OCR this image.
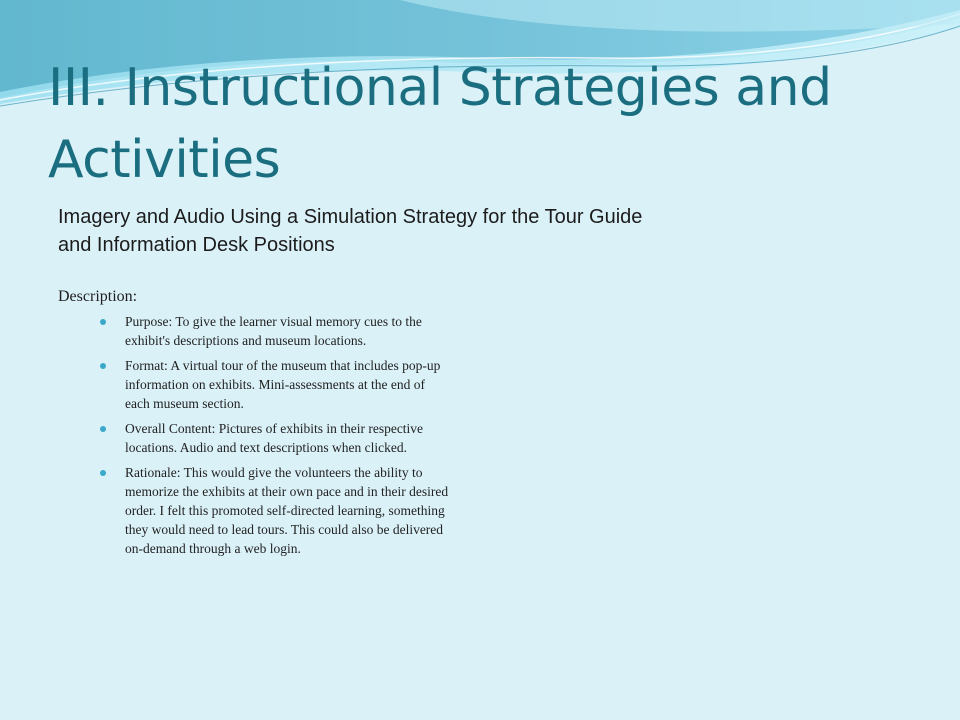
III. Instructional Strategies and Activities

Imagery and Audio Using a Simulation Strategy for the Tour Guide and Information Desk Positions

Description:

Purpose: To give the learner visual memory cues to the exhibit's descriptions and museum locations.
Format: A virtual tour of the museum that includes pop-up information on exhibits. Mini-assessments at the end of each museum section.
Overall Content: Pictures of exhibits in their respective locations. Audio and text descriptions when clicked.
Rationale: This would give the volunteers the ability to memorize the exhibits at their own pace and in their desired order. I felt this promoted self-directed learning, something they would need to lead tours. This could also be delivered on-demand through a web login.
